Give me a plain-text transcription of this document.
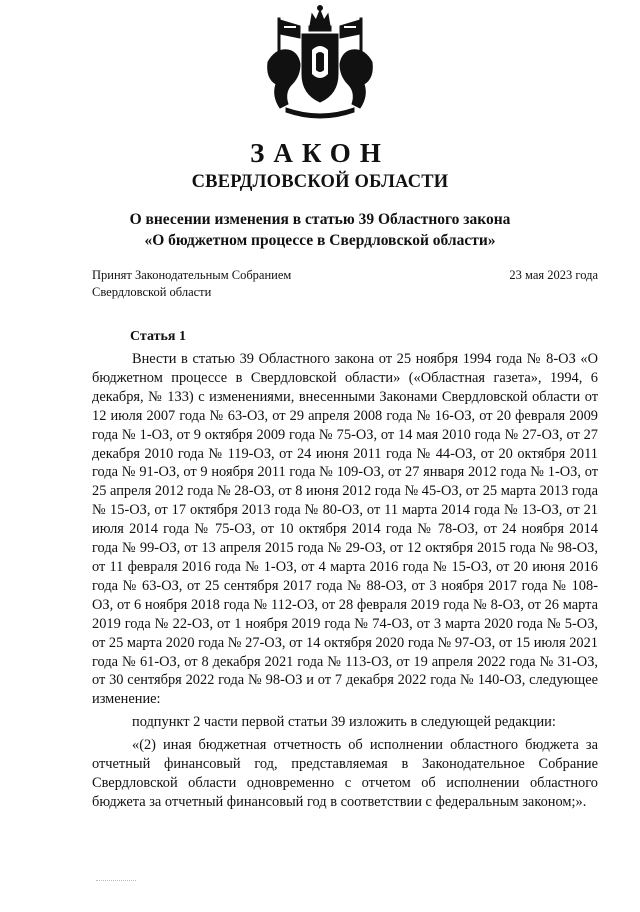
ЗАКОН
СВЕРДЛОВСКОЙ ОБЛАСТИ
О внесении изменения в статью 39 Областного закона
«О бюджетном процессе в Свердловской области»
Принят Законодательным Собранием
Свердловской области
23 мая 2023 года
Статья 1

Внести в статью 39 Областного закона от 25 ноября 1994 года № 8-ОЗ «О бюджетном процессе в Свердловской области» («Областная газета», 1994, 6 декабря, № 133) с изменениями, внесенными Законами Свердловской области от 12 июля 2007 года № 63-ОЗ, от 29 апреля 2008 года № 16-ОЗ, от 20 февраля 2009 года № 1-ОЗ, от 9 октября 2009 года № 75-ОЗ, от 14 мая 2010 года № 27-ОЗ, от 27 декабря 2010 года № 119-ОЗ, от 24 июня 2011 года № 44-ОЗ, от 20 октября 2011 года № 91-ОЗ, от 9 ноября 2011 года № 109-ОЗ, от 27 января 2012 года № 1-ОЗ, от 25 апреля 2012 года № 28-ОЗ, от 8 июня 2012 года № 45-ОЗ, от 25 марта 2013 года № 15-ОЗ, от 17 октября 2013 года № 80-ОЗ, от 11 марта 2014 года № 13-ОЗ, от 21 июля 2014 года № 75-ОЗ, от 10 октября 2014 года № 78-ОЗ, от 24 ноября 2014 года № 99-ОЗ, от 13 апреля 2015 года № 29-ОЗ, от 12 октября 2015 года № 98-ОЗ, от 11 февраля 2016 года № 1-ОЗ, от 4 марта 2016 года № 15-ОЗ, от 20 июня 2016 года № 63-ОЗ, от 25 сентября 2017 года № 88-ОЗ, от 3 ноября 2017 года № 108-ОЗ, от 6 ноября 2018 года № 112-ОЗ, от 28 февраля 2019 года № 8-ОЗ, от 26 марта 2019 года № 22-ОЗ, от 1 ноября 2019 года № 74-ОЗ, от 3 марта 2020 года № 5-ОЗ, от 25 марта 2020 года № 27-ОЗ, от 14 октября 2020 года № 97-ОЗ, от 15 июля 2021 года № 61-ОЗ, от 8 декабря 2021 года № 113-ОЗ, от 19 апреля 2022 года № 31-ОЗ, от 30 сентября 2022 года № 98-ОЗ и от 7 декабря 2022 года № 140-ОЗ, следующее изменение:

подпункт 2 части первой статьи 39 изложить в следующей редакции:

«(2) иная бюджетная отчетность об исполнении областного бюджета за отчетный финансовый год, представляемая в Законодательное Собрание Свердловской области одновременно с отчетом об исполнении областного бюджета за отчетный финансовый год в соответствии с федеральным законом;».
